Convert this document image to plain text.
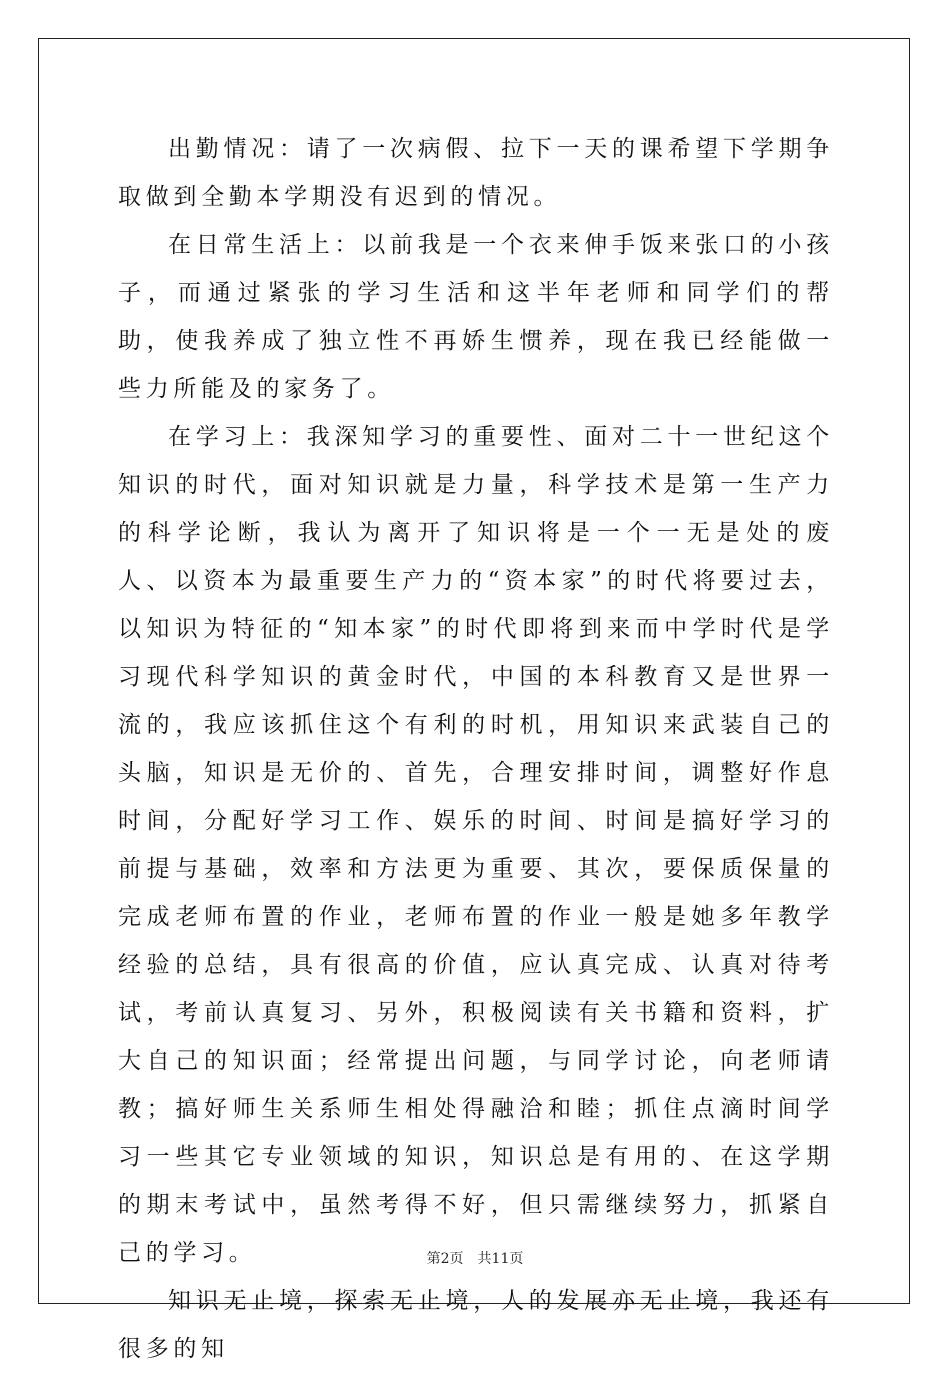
出勤情况：请了一次病假、拉下一天的课希望下学期争取做到全勤本学期没有迟到的情况。

在日常生活上：以前我是一个衣来伸手饭来张口的小孩子，而通过紧张的学习生活和这半年老师和同学们的帮助，使我养成了独立性不再娇生惯养，现在我已经能做一些力所能及的家务了。

在学习上：我深知学习的重要性、面对二十一世纪这个知识的时代，面对知识就是力量，科学技术是第一生产力的科学论断，我认为离开了知识将是一个一无是处的废人、以资本为最重要生产力的“资本家”的时代将要过去，以知识为特征的“知本家”的时代即将到来而中学时代是学习现代科学知识的黄金时代，中国的本科教育又是世界一流的，我应该抓住这个有利的时机，用知识来武装自己的头脑，知识是无价的、首先，合理安排时间，调整好作息时间，分配好学习工作、娱乐的时间、时间是搞好学习的前提与基础，效率和方法更为重要、其次，要保质保量的完成老师布置的作业，老师布置的作业一般是她多年教学经验的总结，具有很高的价值，应认真完成、认真对待考试，考前认真复习、另外，积极阅读有关书籍和资料，扩大自己的知识面；经常提出问题，与同学讨论，向老师请教；搞好师生关系师生相处得融洽和睦；抓住点滴时间学习一些其它专业领域的知识，知识总是有用的、在这学期的期末考试中，虽然考得不好，但只需继续努力，抓紧自己的学习。

知识无止境，探索无止境，人的发展亦无止境，我还有很多的知

第2页 共11页
